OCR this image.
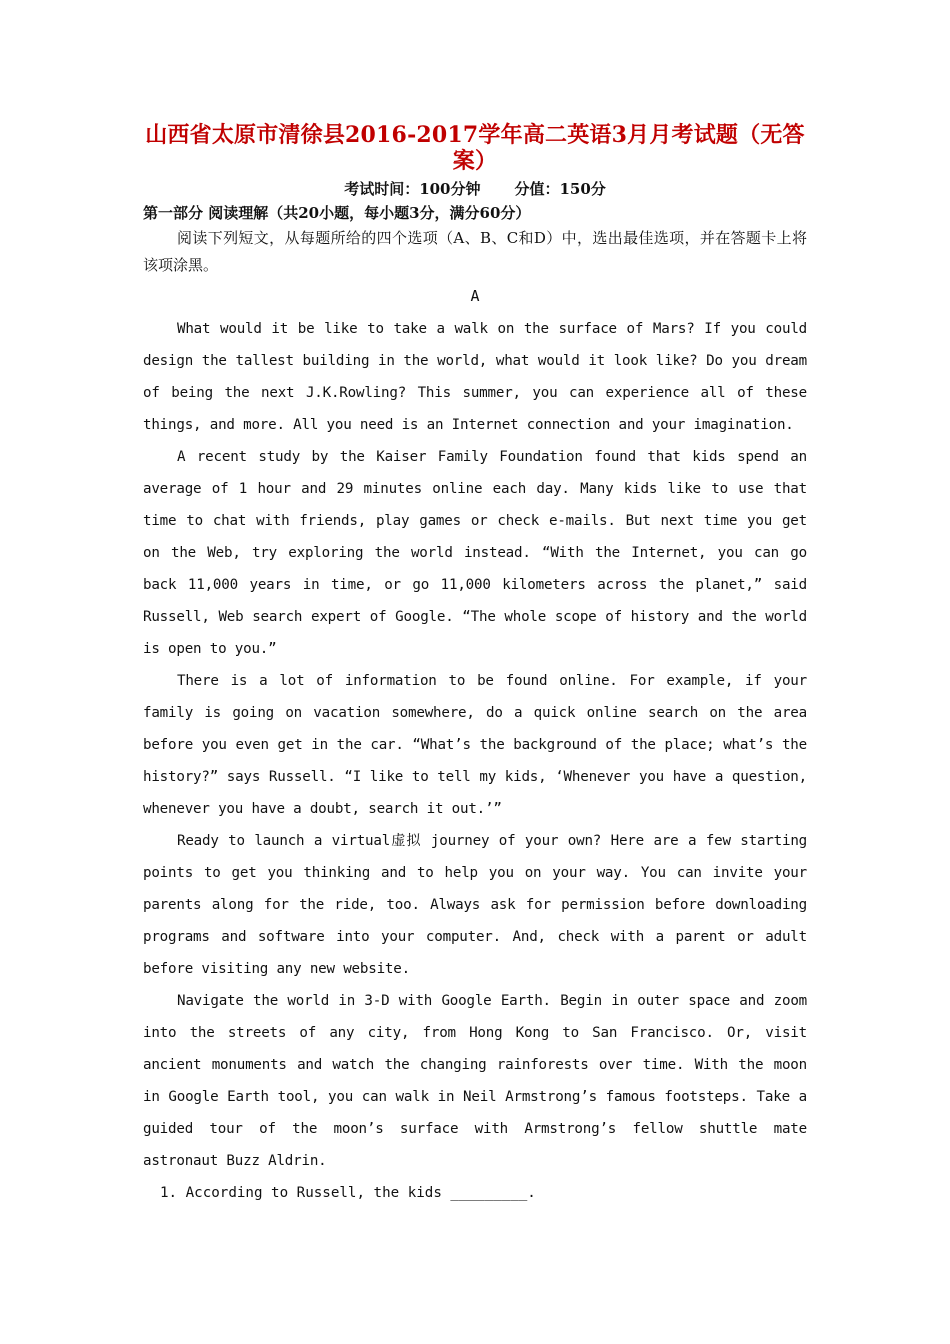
山西省太原市清徐县2016-2017学年高二英语3月月考试题（无答案）
考试时间：100分钟 分值：150分
第一部分 阅读理解（共20小题，每小题3分，满分60分）

阅读下列短文，从每题所给的四个选项（A、B、C和D）中，选出最佳选项，并在答题卡上将该项涂黑。

A

What would it be like to take a walk on the surface of Mars? If you could design the tallest building in the world, what would it look like? Do you dream of being the next J.K.Rowling? This summer, you can experience all of these things, and more. All you need is an Internet connection and your imagination.

A recent study by the Kaiser Family Foundation found that kids spend an average of 1 hour and 29 minutes online each day. Many kids like to use that time to chat with friends, play games or check e-mails. But next time you get on the Web, try exploring the world instead. “With the Internet, you can go back 11,000 years in time, or go 11,000 kilometers across the planet,” said Russell, Web search expert of Google. “The whole scope of history and the world is open to you.”

There is a lot of information to be found online. For example, if your family is going on vacation somewhere, do a quick online search on the area before you even get in the car. “What’s the background of the place; what’s the history?” says Russell. “I like to tell my kids, ‘Whenever you have a question, whenever you have a doubt, search it out.’”

Ready to launch a virtual虚拟 journey of your own? Here are a few starting points to get you thinking and to help you on your way. You can invite your parents along for the ride, too. Always ask for permission before downloading programs and software into your computer. And, check with a parent or adult before visiting any new website.

Navigate the world in 3-D with Google Earth. Begin in outer space and zoom into the streets of any city, from Hong Kong to San Francisco. Or, visit ancient monuments and watch the changing rainforests over time. With the moon in Google Earth tool, you can walk in Neil Armstrong’s famous footsteps. Take a guided tour of the moon’s surface with Armstrong’s fellow shuttle mate astronaut Buzz Aldrin.

1. According to Russell, the kids _________.
